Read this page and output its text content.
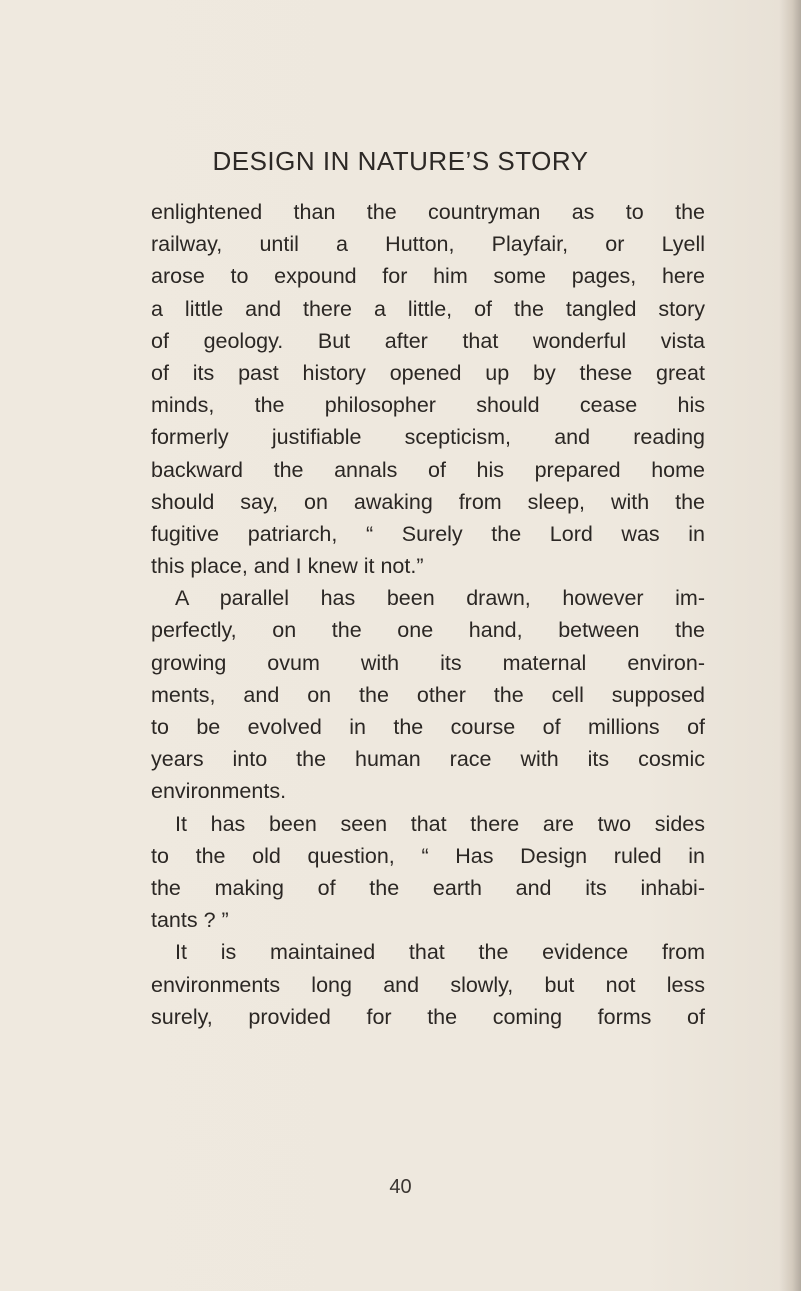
DESIGN IN NATURE’S STORY
enlightened than the countryman as to the
railway, until a Hutton, Playfair, or Lyell
arose to expound for him some pages, here
a little and there a little, of the tangled story
of geology. But after that wonderful vista
of its past history opened up by these great
minds, the philosopher should cease his
formerly justifiable scepticism, and reading
backward the annals of his prepared home
should say, on awaking from sleep, with the
fugitive patriarch, “ Surely the Lord was in
this place, and I knew it not.”
A parallel has been drawn, however im-
perfectly, on the one hand, between the
growing ovum with its maternal environ-
ments, and on the other the cell supposed
to be evolved in the course of millions of
years into the human race with its cosmic
environments.
It has been seen that there are two sides
to the old question, “ Has Design ruled in
the making of the earth and its inhabi-
tants ? ”
It is maintained that the evidence from
environments long and slowly, but not less
surely, provided for the coming forms of
40
